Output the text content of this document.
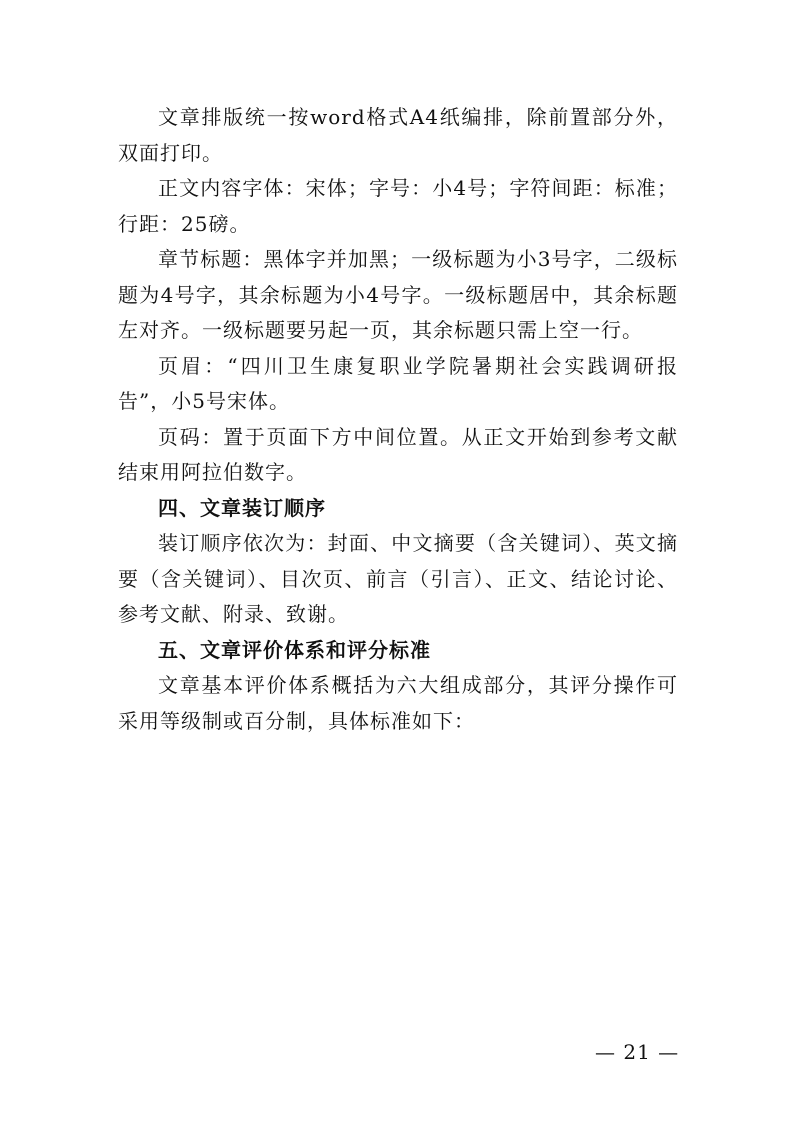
文章排版统一按word格式A4纸编排，除前置部分外，双面打印。

正文内容字体：宋体；字号：小4号；字符间距：标准；行距：25磅。

章节标题：黑体字并加黑；一级标题为小3号字，二级标题为4号字，其余标题为小4号字。一级标题居中，其余标题左对齐。一级标题要另起一页，其余标题只需上空一行。

页眉：“四川卫生康复职业学院暑期社会实践调研报告”，小5号宋体。

页码：置于页面下方中间位置。从正文开始到参考文献结束用阿拉伯数字。

四、文章装订顺序

装订顺序依次为：封面、中文摘要（含关键词）、英文摘要（含关键词）、目次页、前言（引言）、正文、结论讨论、参考文献、附录、致谢。

五、文章评价体系和评分标准

文章基本评价体系概括为六大组成部分，其评分操作可采用等级制或百分制，具体标准如下：

— 21 —
